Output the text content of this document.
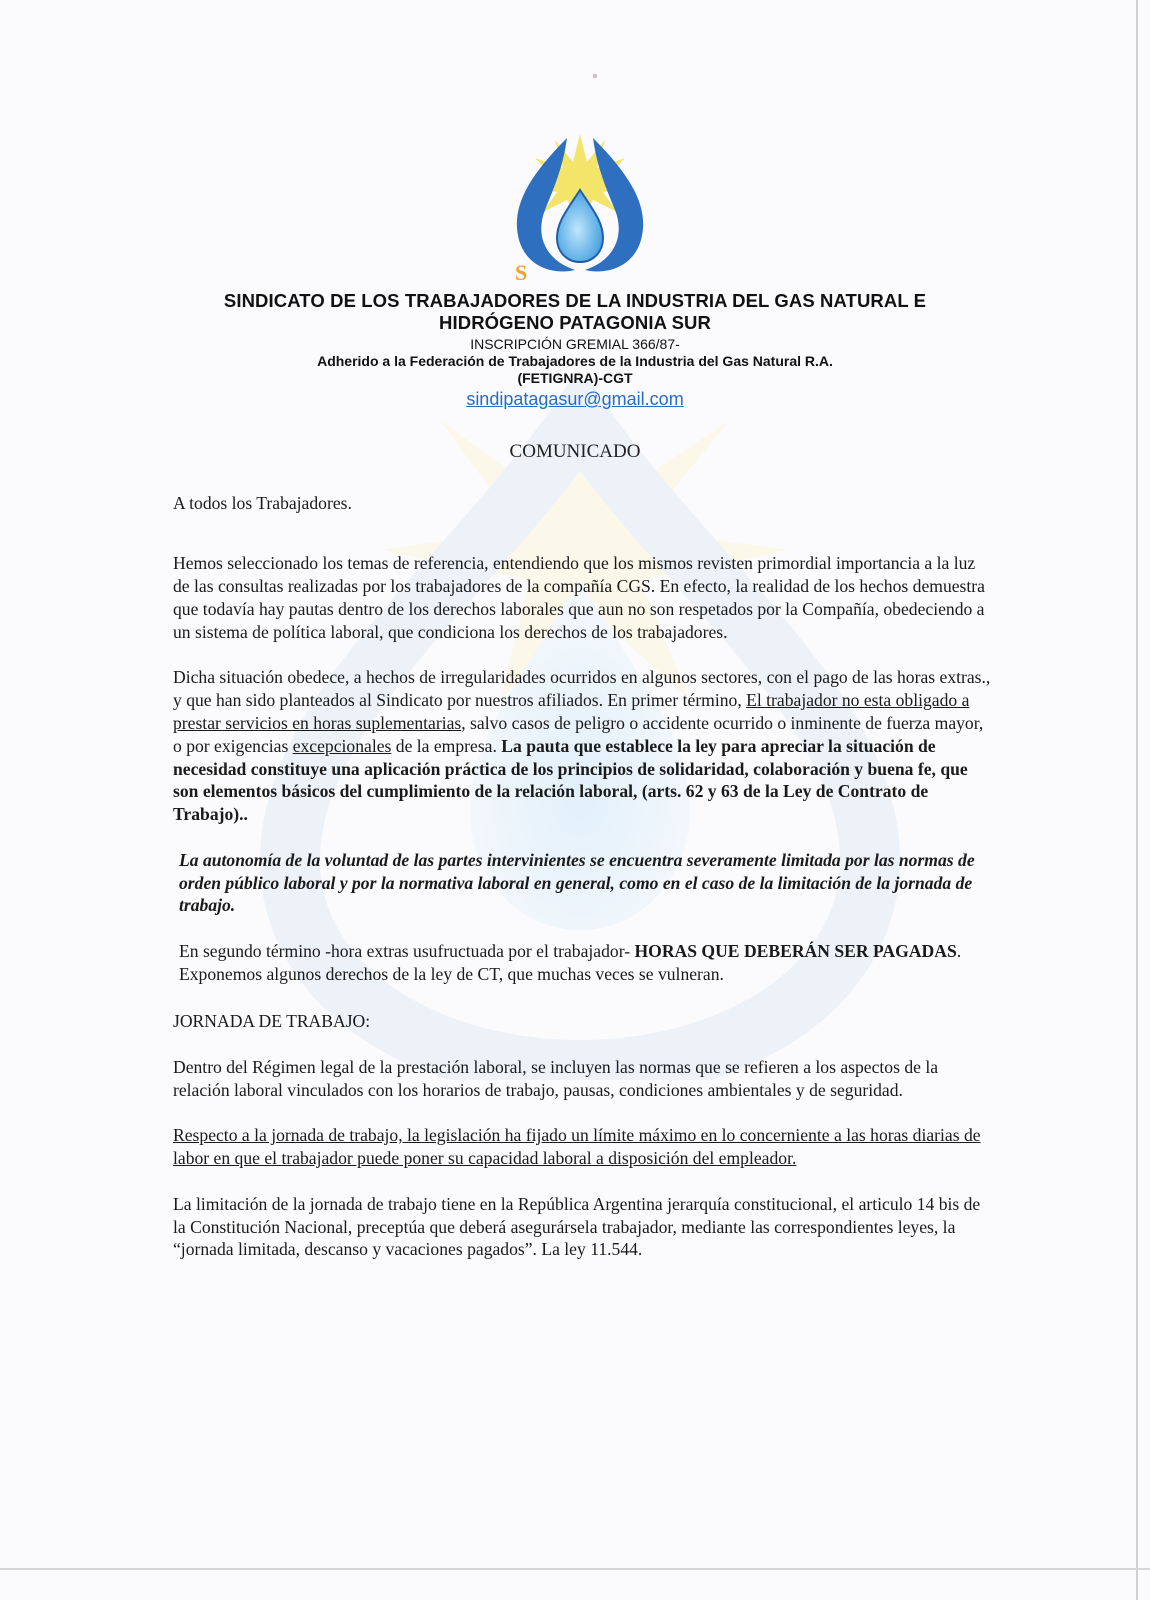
S
SINDICATO DE LOS TRABAJADORES DE LA INDUSTRIA DEL GAS NATURAL E
HIDRÓGENO PATAGONIA SUR
INSCRIPCIÓN GREMIAL 366/87-
Adherido a la Federación de Trabajadores de la Industria del Gas Natural R.A.
(FETIGNRA)-CGT
sindipatagasur@gmail.com
COMUNICADO

A todos los Trabajadores.

Hemos seleccionado los temas de referencia, entendiendo que los mismos revisten primordial importancia a la luz de las consultas realizadas por los trabajadores de la compañía CGS. En efecto, la realidad de los hechos demuestra que todavía hay pautas dentro de los derechos laborales que aun no son respetados por la Compañía, obedeciendo a un sistema de política laboral, que condiciona los derechos de los trabajadores.

Dicha situación obedece, a hechos de irregularidades ocurridos en algunos sectores, con el pago de las horas extras., y que han sido planteados al Sindicato por nuestros afiliados. En primer término, El trabajador no esta obligado a prestar servicios en horas suplementarias, salvo casos de peligro o accidente ocurrido o inminente de fuerza mayor, o por exigencias excepcionales de la empresa. La pauta que establece la ley para apreciar la situación de necesidad constituye una aplicación práctica de los principios de solidaridad, colaboración y buena fe, que son elementos básicos del cumplimiento de la relación laboral, (arts. 62 y 63 de la Ley de Contrato de Trabajo)..

La autonomía de la voluntad de las partes intervinientes se encuentra severamente limitada por las normas de orden público laboral y por la normativa laboral en general, como en el caso de la limitación de la jornada de trabajo.

En segundo término -hora extras usufructuada por el trabajador- HORAS QUE DEBERÁN SER PAGADAS. Exponemos algunos derechos de la ley de CT, que muchas veces se vulneran.

JORNADA DE TRABAJO:

Dentro del Régimen legal de la prestación laboral, se incluyen las normas que se refieren a los aspectos de la relación laboral vinculados con los horarios de trabajo, pausas, condiciones ambientales y de seguridad.

Respecto a la jornada de trabajo, la legislación ha fijado un límite máximo en lo concerniente a las horas diarias de labor en que el trabajador puede poner su capacidad laboral a disposición del empleador.

La limitación de la jornada de trabajo tiene en la República Argentina jerarquía constitucional, el articulo 14 bis de la Constitución Nacional, preceptúa que deberá asegurársela trabajador, mediante las correspondientes leyes, la “jornada limitada, descanso y vacaciones pagados”. La ley 11.544.
